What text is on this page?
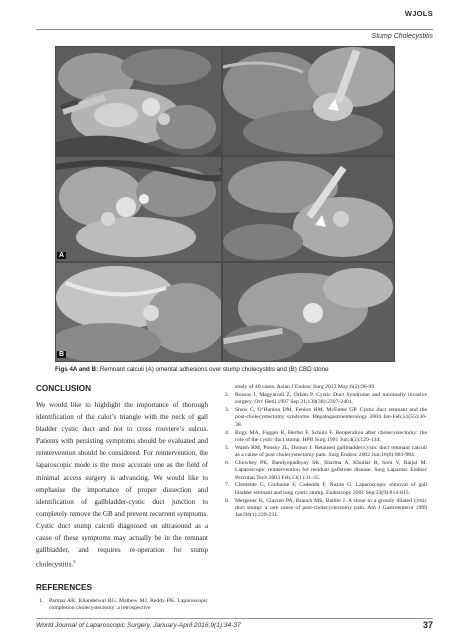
WJOLS
Stump Cholecystitis
A
B
Figs 4A and B: Remnant calculi (A) omental adhesions over stump cholecystitis and (B) CBD stone
CONCLUSION

We would like to highlight the importance of thorough identification of the calot’s triangle with the neck of gall bladder cystic duct and not to cross rouviere’s sulcus. Patients with persisting symptoms should be evaluated and reintervention should be considered. For reintervention, the laparoscopic mode is the most accurate one as the field of minimal access surgery is advancing. We would like to emphasise the importance of proper dissection and identification of gallbladder-cystic duct junction to completely remove the GB and prevent recurrent symptoms. Cystic duct stump calculi diagnosed on ultrasound as a cause of these symptoms may actually be in the remnant gallbladder, and requires re-operation for stump cholecystitis.$^9$

REFERENCES
1. Parmar AK, Khandelwal RG, Mathew MJ, Reddy PK. Laparoscopic completion cholecystectomy: a retrospective
study of 40 cases. Asian J Endosc Surg 2013 May;6(2):96-99.
2. Rozsos I, Magyarodi Z, Orban P. Cystic Duct Syndrome and minimally invasive surgery. Orv Hetil 1997 Sep 21;138(38):2397-2401.
3. Shaw C, O’Hanlon DM, Fenlon HM, McEntee GP. Cystic duct remnant and the post-cholecystectomy syndrome. Hepatogastroenterology 2004 Jan-Feb;51(55):36-38.
4. Rogy MA, Fugger R, Herbst F, Schulz F. Reoperation after cholecystectomy: the role of the cystic duct stump. HPB Surg 1991 Jun;4(2):129-134.
5. Walsh RM, Ponsky JL, Dumot J. Retained gallbladder/cystic duct remnant calculi as a cause of post cholecystectomy pain. Surg Endosc 2002 Jun;16(6):981-984.
6. Chowbey PK, Bandyopadhyay SK, Sharma A, Khullar R, Soni V, Baijal M. Laparoscopic reintervention for residual gallstone disease. Surg Laparosc Endosc Percutan Tech 2003 Feb;13(1):31-35.
7. Clemente G, Giuliante F, Cadeddu F, Nuzzo G. Laparoscopic removal of gall bladder remnant and long cystic stump. Endoscopy 2001 Sep;33(9):814-815.
8. Mergener K, Clavien PA, Branch MS, Baillie J. A stone in a grossly dilated cystic duct stump: a rare cause of post-cholecystectomy pain. Am J Gastroenterol 1999 Jan;94(1):229-231.
World Journal of Laparoscopic Surgery, January-April 2016;9(1):34-37	37
